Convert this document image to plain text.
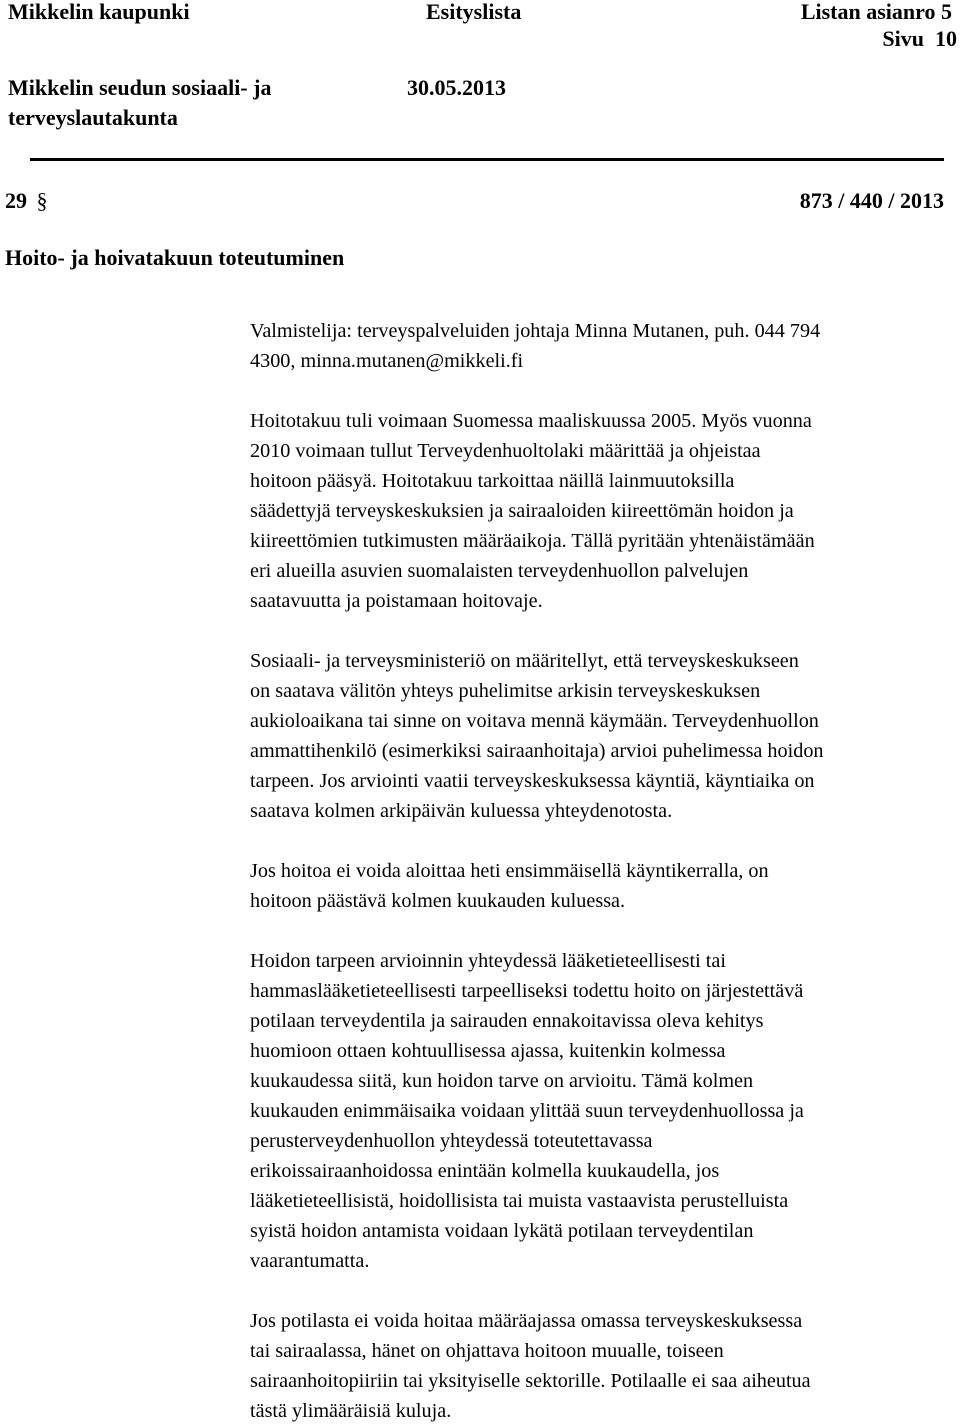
Mikkelin kaupunki	Esityslista	Listan asianro 5
Sivu  10
Mikkelin seudun sosiaali- ja
terveyslautakunta
30.05.2013
29 §	873 / 440 / 2013
Hoito- ja hoivatakuun toteutuminen
Valmistelija: terveyspalveluiden johtaja Minna Mutanen, puh. 044 794
4300, minna.mutanen@mikkeli.fi
Hoitotakuu tuli voimaan Suomessa maaliskuussa 2005. Myös vuonna
2010 voimaan tullut Terveydenhuoltolaki määrittää ja ohjeistaa
hoitoon pääsyä. Hoitotakuu tarkoittaa näillä lainmuutoksilla
säädettyjä terveyskeskuksien ja sairaaloiden kiireettömän hoidon ja
kiireettömien tutkimusten määräaikoja. Tällä pyritään yhtenäistämään
eri alueilla asuvien suomalaisten terveydenhuollon palvelujen
saatavuutta ja poistamaan hoitovaje.
Sosiaali- ja terveysministeriö on määritellyt, että terveyskeskukseen
on saatava välitön yhteys puhelimitse arkisin terveyskeskuksen
aukioloaikana tai sinne on voitava mennä käymään. Terveydenhuollon
ammattihenkilö (esimerkiksi sairaanhoitaja) arvioi puhelimessa hoidon
tarpeen. Jos arviointi vaatii terveyskeskuksessa käyntiä, käyntiaika on
saatava kolmen arkipäivän kuluessa yhteydenotosta.
Jos hoitoa ei voida aloittaa heti ensimmäisellä käyntikerralla, on
hoitoon päästävä kolmen kuukauden kuluessa.
Hoidon tarpeen arvioinnin yhteydessä lääketieteellisesti tai
hammaslääketieteellisesti tarpeelliseksi todettu hoito on järjestettävä
potilaan terveydentila ja sairauden ennakoitavissa oleva kehitys
huomioon ottaen kohtuullisessa ajassa, kuitenkin kolmessa
kuukaudessa siitä, kun hoidon tarve on arvioitu. Tämä kolmen
kuukauden enimmäisaika voidaan ylittää suun terveydenhuollossa ja
perusterveydenhuollon yhteydessä toteutettavassa
erikoissairaanhoidossa enintään kolmella kuukaudella, jos
lääketieteellisistä, hoidollisista tai muista vastaavista perustelluista
syistä hoidon antamista voidaan lykätä potilaan terveydentilan
vaarantumatta.
Jos potilasta ei voida hoitaa määräajassa omassa terveyskeskuksessa
tai sairaalassa, hänet on ohjattava hoitoon muualle, toiseen
sairaanhoitopiiriin tai yksityiselle sektorille. Potilaalle ei saa aiheutua
tästä ylimääräisiä kuluja.
